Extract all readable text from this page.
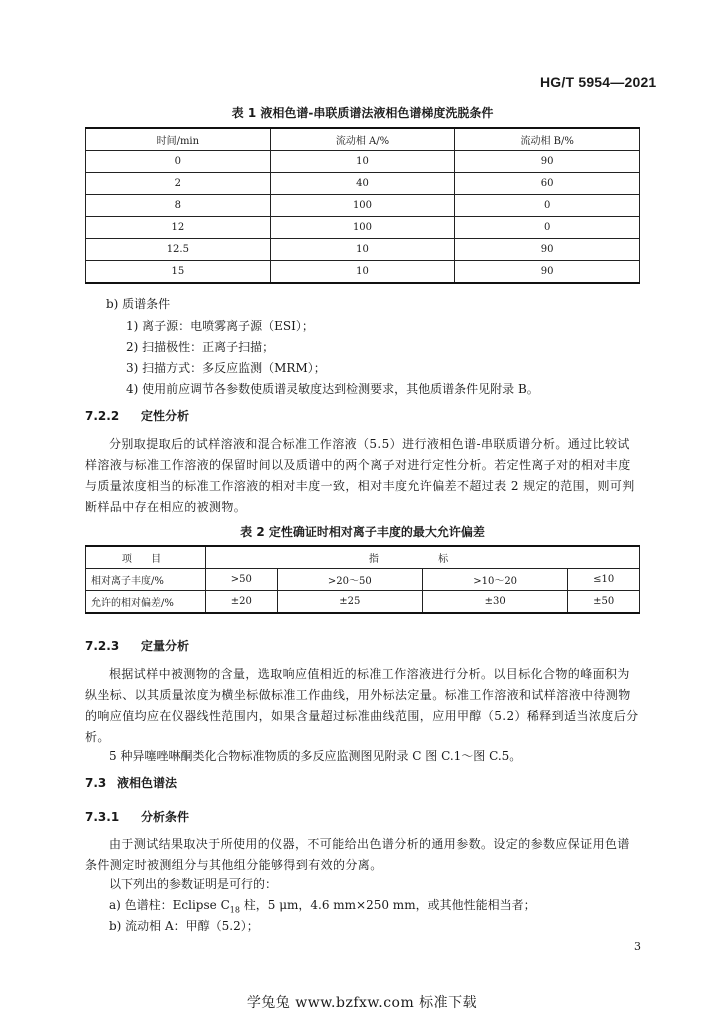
HG/T 5954—2021
表 1 液相色谱-串联质谱法液相色谱梯度洗脱条件
时间/min	流动相 A/%	流动相 B/%
0	10	90
2	40	60
8	100	0
12	100	0
12.5	10	90
15	10	90
b) 质谱条件
1) 离子源：电喷雾离子源（ESI）；
2) 扫描极性：正离子扫描；
3) 扫描方式：多反应监测（MRM）；
4) 使用前应调节各参数使质谱灵敏度达到检测要求，其他质谱条件见附录 B。
7.2.2 定性分析
分别取提取后的试样溶液和混合标准工作溶液（5.5）进行液相色谱-串联质谱分析。通过比较试样溶液与标准工作溶液的保留时间以及质谱中的两个离子对进行定性分析。若定性离子对的相对丰度与质量浓度相当的标准工作溶液的相对丰度一致，相对丰度允许偏差不超过表 2 规定的范围，则可判断样品中存在相应的被测物。
表 2 定性确证时相对离子丰度的最大允许偏差
项 目	指 标			
相对离子丰度/%	>50	>20～50	>10～20	≤10
允许的相对偏差/%	±20	±25	±30	±50
7.2.3 定量分析
根据试样中被测物的含量，选取响应值相近的标准工作溶液进行分析。以目标化合物的峰面积为纵坐标、以其质量浓度为横坐标做标准工作曲线，用外标法定量。标准工作溶液和试样溶液中待测物的响应值均应在仪器线性范围内，如果含量超过标准曲线范围，应用甲醇（5.2）稀释到适当浓度后分析。
5 种异噻唑啉酮类化合物标准物质的多反应监测图见附录 C 图 C.1～图 C.5。
7.3 液相色谱法
7.3.1 分析条件
由于测试结果取决于所使用的仪器，不可能给出色谱分析的通用参数。设定的参数应保证用色谱条件测定时被测组分与其他组分能够得到有效的分离。
以下列出的参数证明是可行的：
a) 色谱柱：Eclipse $C_{18}$ 柱，5 μm，4.6 mm×250 mm，或其他性能相当者；
b) 流动相 A：甲醇（5.2）；
3
学兔兔 www.bzfxw.com 标准下载
